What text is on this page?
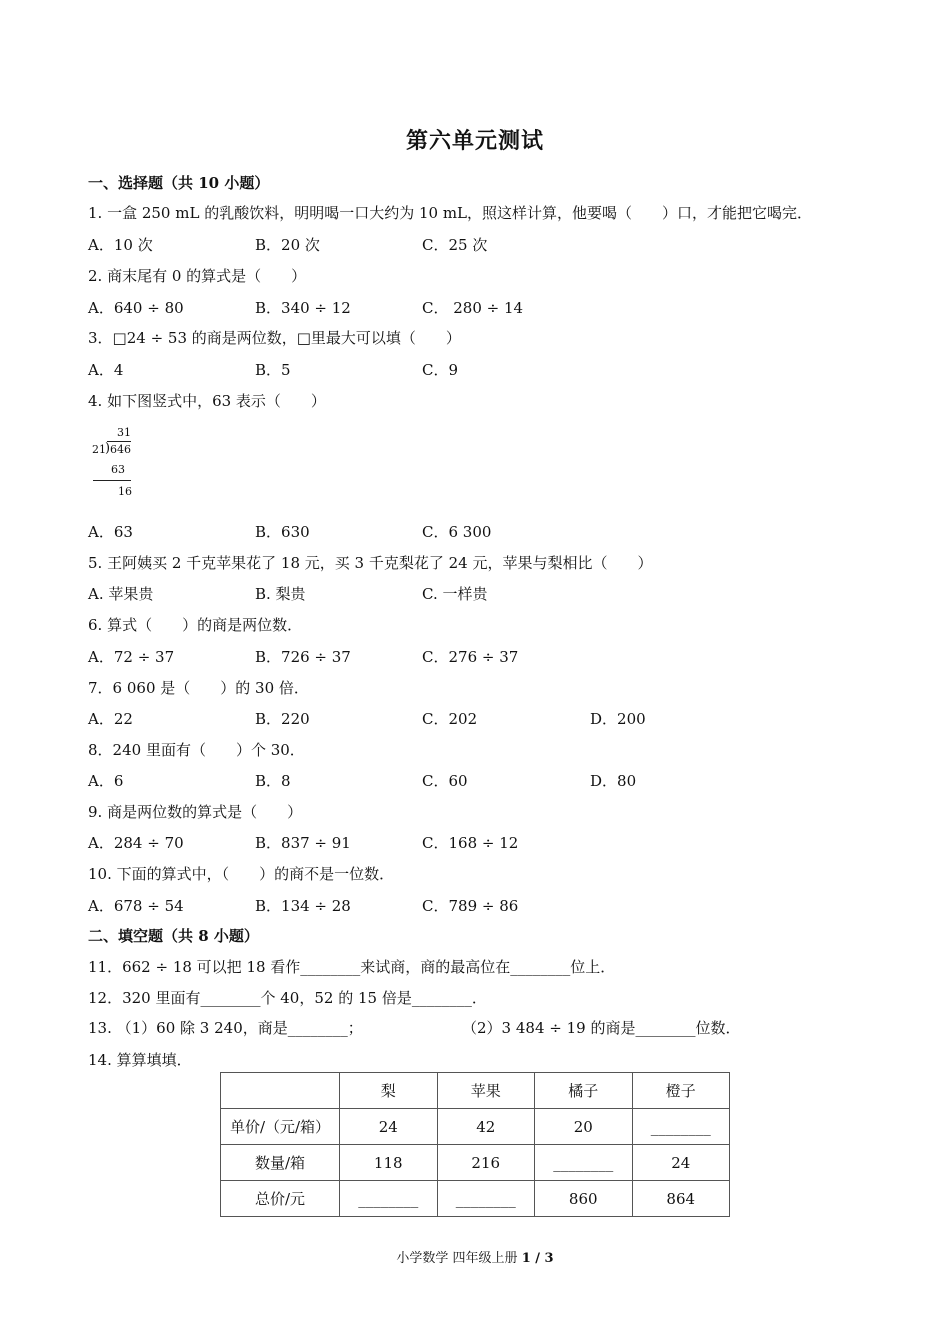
第六单元测试
一、选择题（共 10 小题）
1. 一盒 250 mL 的乳酸饮料，明明喝一口大约为 10 mL，照这样计算，他要喝（　　）口，才能把它喝完．
A．10 次	B．20 次	C．25 次
2. 商末尾有 0 的算式是（　　）
A．640 ÷ 80	B．340 ÷ 12	C． 280 ÷ 14
3．□24 ÷ 53 的商是两位数，□里最大可以填（　　）
A．4	B．5	C．9
4. 如下图竖式中，63 表示（　　）
31
21 ) 646
63
16
A．63	B．630	C．6 300
5. 王阿姨买 2 千克苹果花了 18 元，买 3 千克梨花了 24 元，苹果与梨相比（　　）
A. 苹果贵	B. 梨贵	C. 一样贵
6. 算式（　　）的商是两位数．
A．72 ÷ 37	B．726 ÷ 37	C．276 ÷ 37
7．6 060 是（　　）的 30 倍．
A．22	B．220	C．202	D．200
8．240 里面有（　　）个 30．
A．6	B．8	C．60	D．80
9. 商是两位数的算式是（　　）
A．284 ÷ 70	B．837 ÷ 91	C．168 ÷ 12
10. 下面的算式中，（　　）的商不是一位数．
A．678 ÷ 54	B．134 ÷ 28	C．789 ÷ 86
二、填空题（共 8 小题）
11．662 ÷ 18 可以把 18 看作________来试商，商的最高位在________位上．
12．320 里面有________个 40，52 的 15 倍是________．
13. （1）60 除 3 240，商是________；	（2）3 484 ÷ 19 的商是________位数．
14. 算算填填．
	梨	苹果	橘子	橙子
单价/（元/箱）	24	42	20	________
数量/箱	118	216	________	24
总价/元	________	________	860	864
小学数学 四年级上册 1 / 3
